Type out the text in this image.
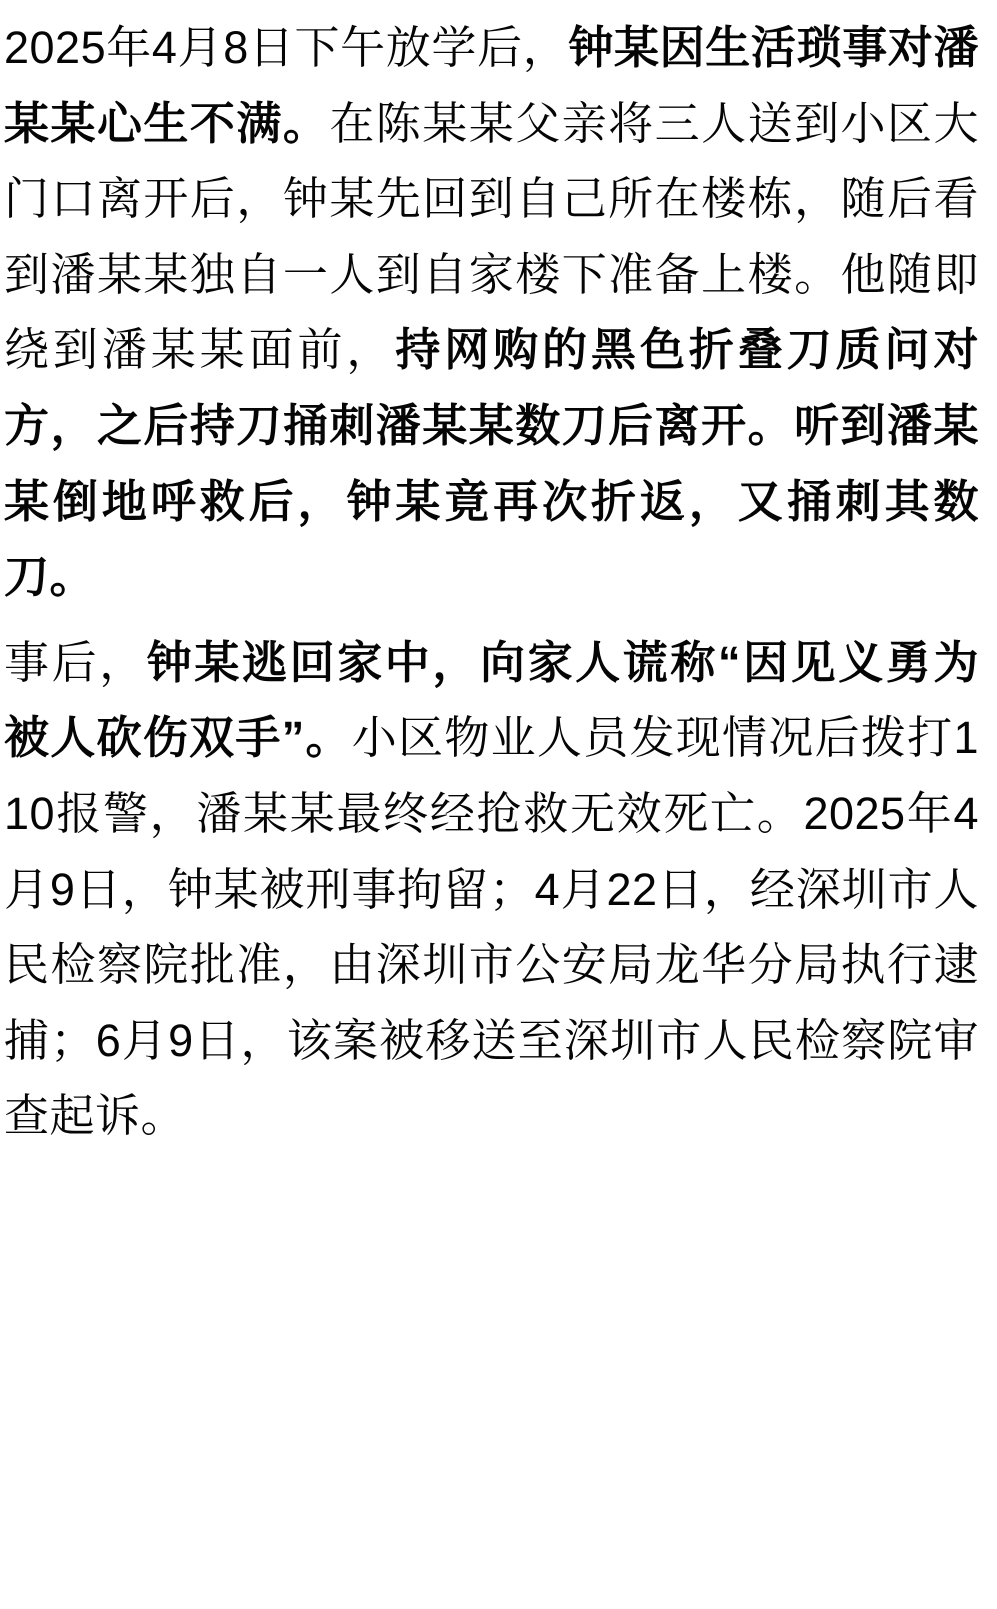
2025年4月8日下午放学后，钟某因生活琐事对潘某某心生不满。在陈某某父亲将三人送到小区大门口离开后，钟某先回到自己所在楼栋，随后看到潘某某独自一人到自家楼下准备上楼。他随即绕到潘某某面前，持网购的黑色折叠刀质问对方，之后持刀捅刺潘某某数刀后离开。听到潘某某倒地呼救后，钟某竟再次折返，又捅刺其数刀。

事后，钟某逃回家中，向家人谎称“因见义勇为被人砍伤双手”。小区物业人员发现情况后拨打110报警，潘某某最终经抢救无效死亡。2025年4月9日，钟某被刑事拘留；4月22日，经深圳市人民检察院批准，由深圳市公安局龙华分局执行逮捕；6月9日，该案被移送至深圳市人民检察院审查起诉。
